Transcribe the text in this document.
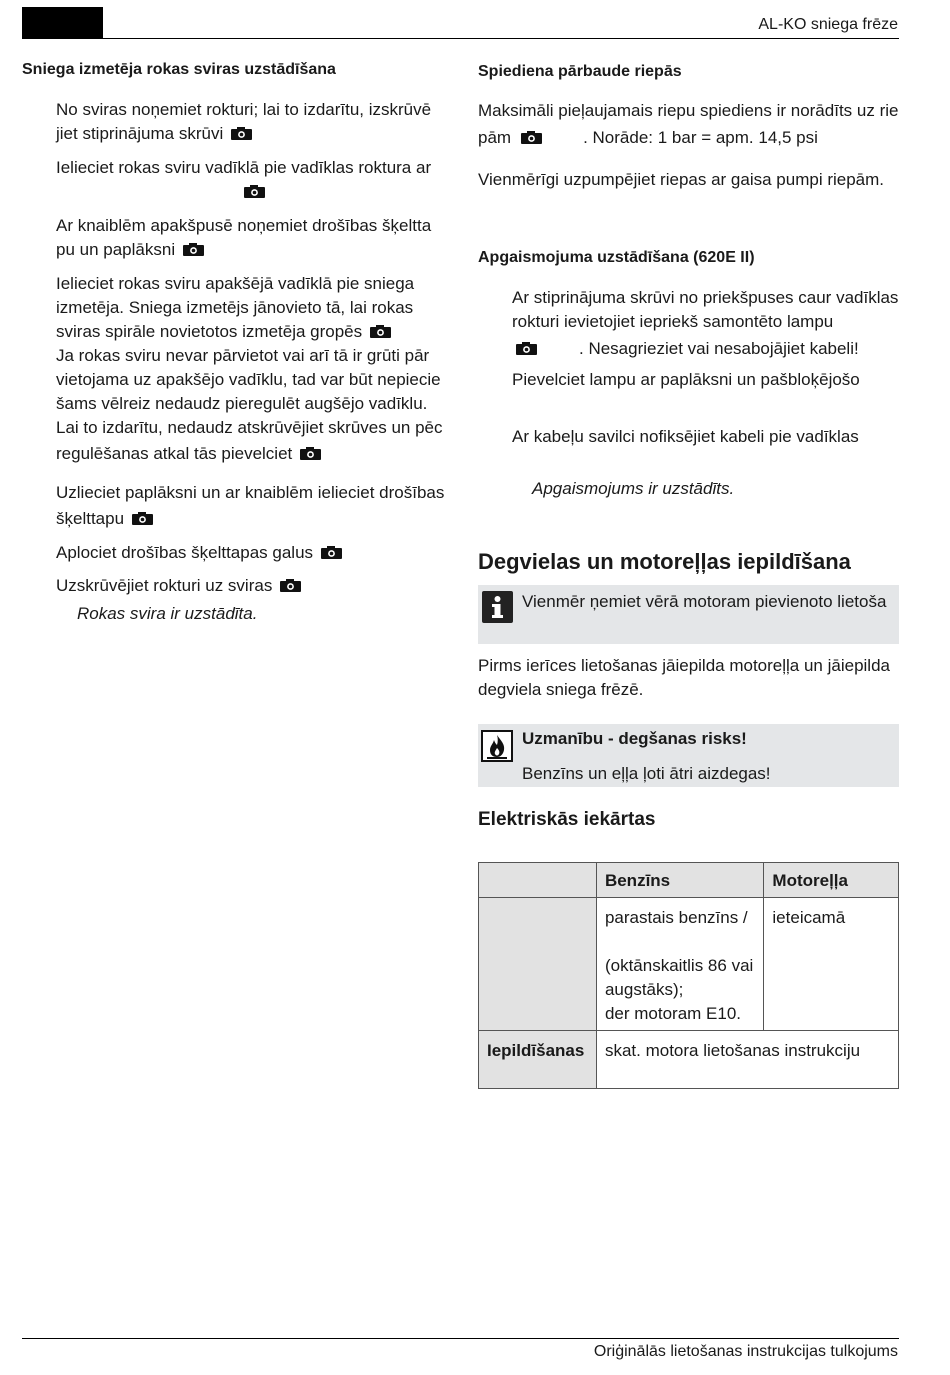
AL-KO sniega frēze
Oriģinālās lietošanas instrukcijas tulkojums
Sniega izmetēja rokas sviras uzstādīšana
No sviras noņemiet rokturi; lai to izdarītu, izskrūvē
jiet stiprinājuma skrūvi
Ielieciet rokas sviru vadīklā pie vadīklas roktura ar
Ar knaiblēm apakšpusē noņemiet drošības šķeltta
pu un paplāksni
Ielieciet rokas sviru apakšējā vadīklā pie sniega
izmetēja. Sniega izmetējs jānovieto tā, lai rokas
sviras spirāle novietotos izmetēja gropēs
Ja rokas sviru nevar pārvietot vai arī tā ir grūti pār
vietojama uz apakšējo vadīklu, tad var būt nepiecie
šams vēlreiz nedaudz pieregulēt augšējo vadīklu.
Lai to izdarītu, nedaudz atskrūvējiet skrūves un pēc
regulēšanas atkal tās pievelciet
Uzlieciet paplāksni un ar knaiblēm ielieciet drošības
šķelttapu
Aplociet drošības šķelttapas galus
Uzskrūvējiet rokturi uz sviras
Rokas svira ir uzstādīta.
Spiediena pārbaude riepās
Maksimāli pieļaujamais riepu spiediens ir norādīts uz rie
pām	. Norāde: 1 bar = apm. 14,5 psi
Vienmērīgi uzpumpējiet riepas ar gaisa pumpi riepām.
Apgaismojuma uzstādīšana (620E II)
Ar stiprinājuma skrūvi no priekšpuses caur vadīklas
rokturi ievietojiet iepriekš samontēto lampu
. Nesagrieziet vai nesabojājiet kabeli!
Pievelciet lampu ar paplāksni un pašbloķējošo
Ar kabeļu savilci nofiksējiet kabeli pie vadīklas
Apgaismojums ir uzstādīts.
Degvielas un motoreļļas iepildīšana
Vienmēr ņemiet vērā motoram pievienoto lietoša
Pirms ierīces lietošanas jāiepilda motoreļļa un jāiepilda
degviela sniega frēzē.
Uzmanību - degšanas risks!
Benzīns un eļļa ļoti ātri aizdegas!
Elektriskās iekārtas
	Benzīns	Motoreļļa

	parastais benzīns /
(oktānskaitlis 86 vai
augstāks);
der motoram E10.	ieteicamā
Iepildīšanas	skat. motora lietošanas instrukciju	
